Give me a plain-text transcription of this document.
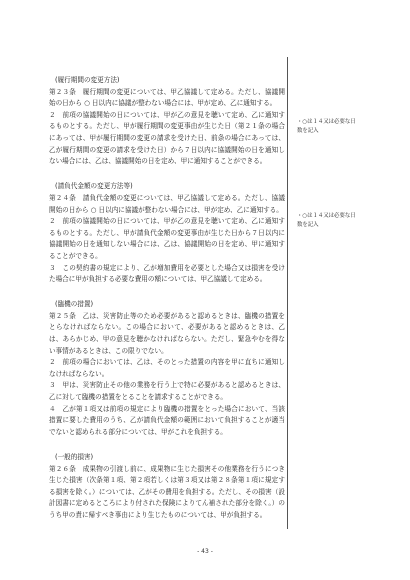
(履行期間の変更方法)

第２３条　履行期間の変更については、甲乙協議して定める。ただし、協議開始の日から ○ 日以内に協議が整わない場合には、甲が定め、乙に通知する。

２　前項の協議開始の日については、甲が乙の意見を聴いて定め、乙に通知するものとする。ただし、甲が履行期間の変更事由が生じた日（第２１条の場合にあっては、甲が履行期間の変更の請求を受けた日、前条の場合にあっては、乙が履行期間の変更の請求を受けた日）から７日以内に協議開始の日を通知しない場合には、乙は、協議開始の日を定め、甲に通知することができる。

(請負代金額の変更方法等)

第２４条　請負代金額の変更については、甲乙協議して定める。ただし、協議開始の日から ○ 日以内に協議が整わない場合には、甲が定め、乙に通知する。

２　前項の協議開始の日については、甲が乙の意見を聴いて定め、乙に通知するものとする。ただし、甲が請負代金額の変更事由が生じた日から７日以内に協議開始の日を通知しない場合には、乙は、協議開始の日を定め、甲に通知することができる。

３　この契約書の規定により、乙が増加費用を必要とした場合又は損害を受けた場合に甲が負担する必要な費用の額については、甲乙協議して定める。

(臨機の措置)

第２５条　乙は、災害防止等のため必要があると認めるときは、臨機の措置をとらなければならない。この場合において、必要があると認めるときは、乙は、あらかじめ、甲の意見を聴かなければならない。ただし、緊急やむを得ない事情があるときは、この限りでない。

２　前項の場合においては、乙は、そのとった措置の内容を甲に直ちに通知しなければならない。

３　甲は、災害防止その他の業務を行う上で特に必要があると認めるときは、乙に対して臨機の措置をとることを請求することができる。

４　乙が第１項又は前項の規定により臨機の措置をとった場合において、当該措置に要した費用のうち、乙が請負代金額の範囲において負担することが適当でないと認められる部分については、甲がこれを負担する。

(一般的損害)

第２６条　成果物の引渡し前に、成果物に生じた損害その他業務を行うにつき生じた損害（次条第１項、第２項若しくは第３項又は第２８条第１項に規定する損害を除く。）については、乙がその費用を負担する。ただし、その損害（設計図書に定めるところにより付された保険によりてん補された部分を除く。）のうち甲の責に帰すべき事由により生じたものについては、甲が負担する。

・○は１４又は必要な日数を記入
・○は１４又は必要な日数を記入
- 43 -
